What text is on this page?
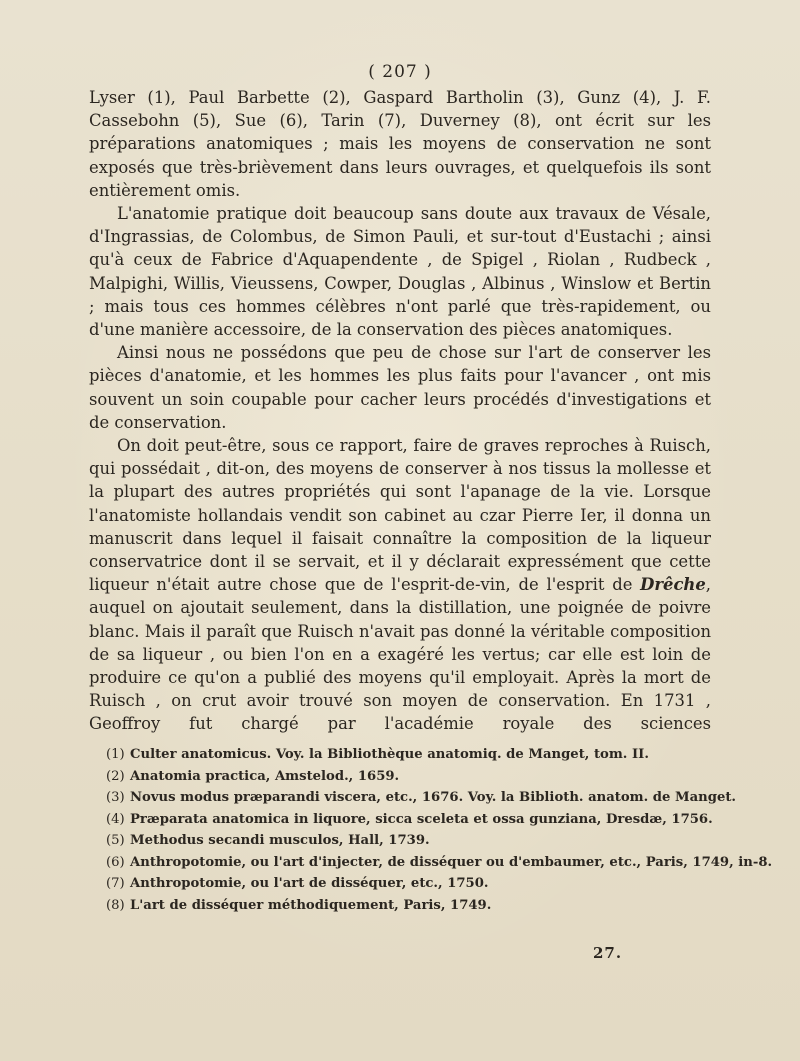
( 207 )

Lyser (1), Paul Barbette (2), Gaspard Bartholin (3), Gunz (4), J. F. Cassebohn (5), Sue (6), Tarin (7), Duverney (8), ont écrit sur les préparations anatomiques ; mais les moyens de conservation ne sont exposés que très-brièvement dans leurs ouvrages, et quelquefois ils sont entièrement omis.

L'anatomie pratique doit beaucoup sans doute aux travaux de Vésale, d'Ingrassias, de Colombus, de Simon Pauli, et sur-tout d'Eustachi ; ainsi qu'à ceux de Fabrice d'Aquapendente , de Spigel , Riolan , Rudbeck , Malpighi, Willis, Vieussens, Cowper, Douglas , Albinus , Winslow et Bertin ; mais tous ces hommes célèbres n'ont parlé que très-rapidement, ou d'une manière accessoire, de la conservation des pièces anatomiques.

Ainsi nous ne possédons que peu de chose sur l'art de conserver les pièces d'anatomie, et les hommes les plus faits pour l'avancer , ont mis souvent un soin coupable pour cacher leurs procédés d'investigations et de conservation.

On doit peut-être, sous ce rapport, faire de graves reproches à Ruisch, qui possédait , dit-on, des moyens de conserver à nos tissus la mollesse et la plupart des autres propriétés qui sont l'apanage de la vie. Lorsque l'anatomiste hollandais vendit son cabinet au czar Pierre Ier, il donna un manuscrit dans lequel il faisait connaître la composition de la liqueur conservatrice dont il se servait, et il y déclarait expressément que cette liqueur n'était autre chose que de l'esprit-de-vin, de l'esprit de Drêche, auquel on ajoutait seulement, dans la distillation, une poignée de poivre blanc. Mais il paraît que Ruisch n'avait pas donné la véritable composition de sa liqueur , ou bien l'on en a exagéré les vertus; car elle est loin de produire ce qu'on a publié des moyens qu'il employait. Après la mort de Ruisch , on crut avoir trouvé son moyen de conservation. En 1731 , Geoffroy fut chargé par l'académie royale des sciences

(1) Culter anatomicus. Voy. la Bibliothèque anatomiq. de Manget, tom. II.

(2) Anatomia practica, Amstelod., 1659.

(3) Novus modus præparandi viscera, etc., 1676. Voy. la Biblioth. anatom. de Manget.

(4) Præparata anatomica in liquore, sicca sceleta et ossa gunziana, Dresdæ, 1756.

(5) Methodus secandi musculos, Hall, 1739.

(6) Anthropotomie, ou l'art d'injecter, de disséquer ou d'embaumer, etc., Paris, 1749, in-8.

(7) Anthropotomie, ou l'art de disséquer, etc., 1750.

(8) L'art de disséquer méthodiquement, Paris, 1749.

27.
